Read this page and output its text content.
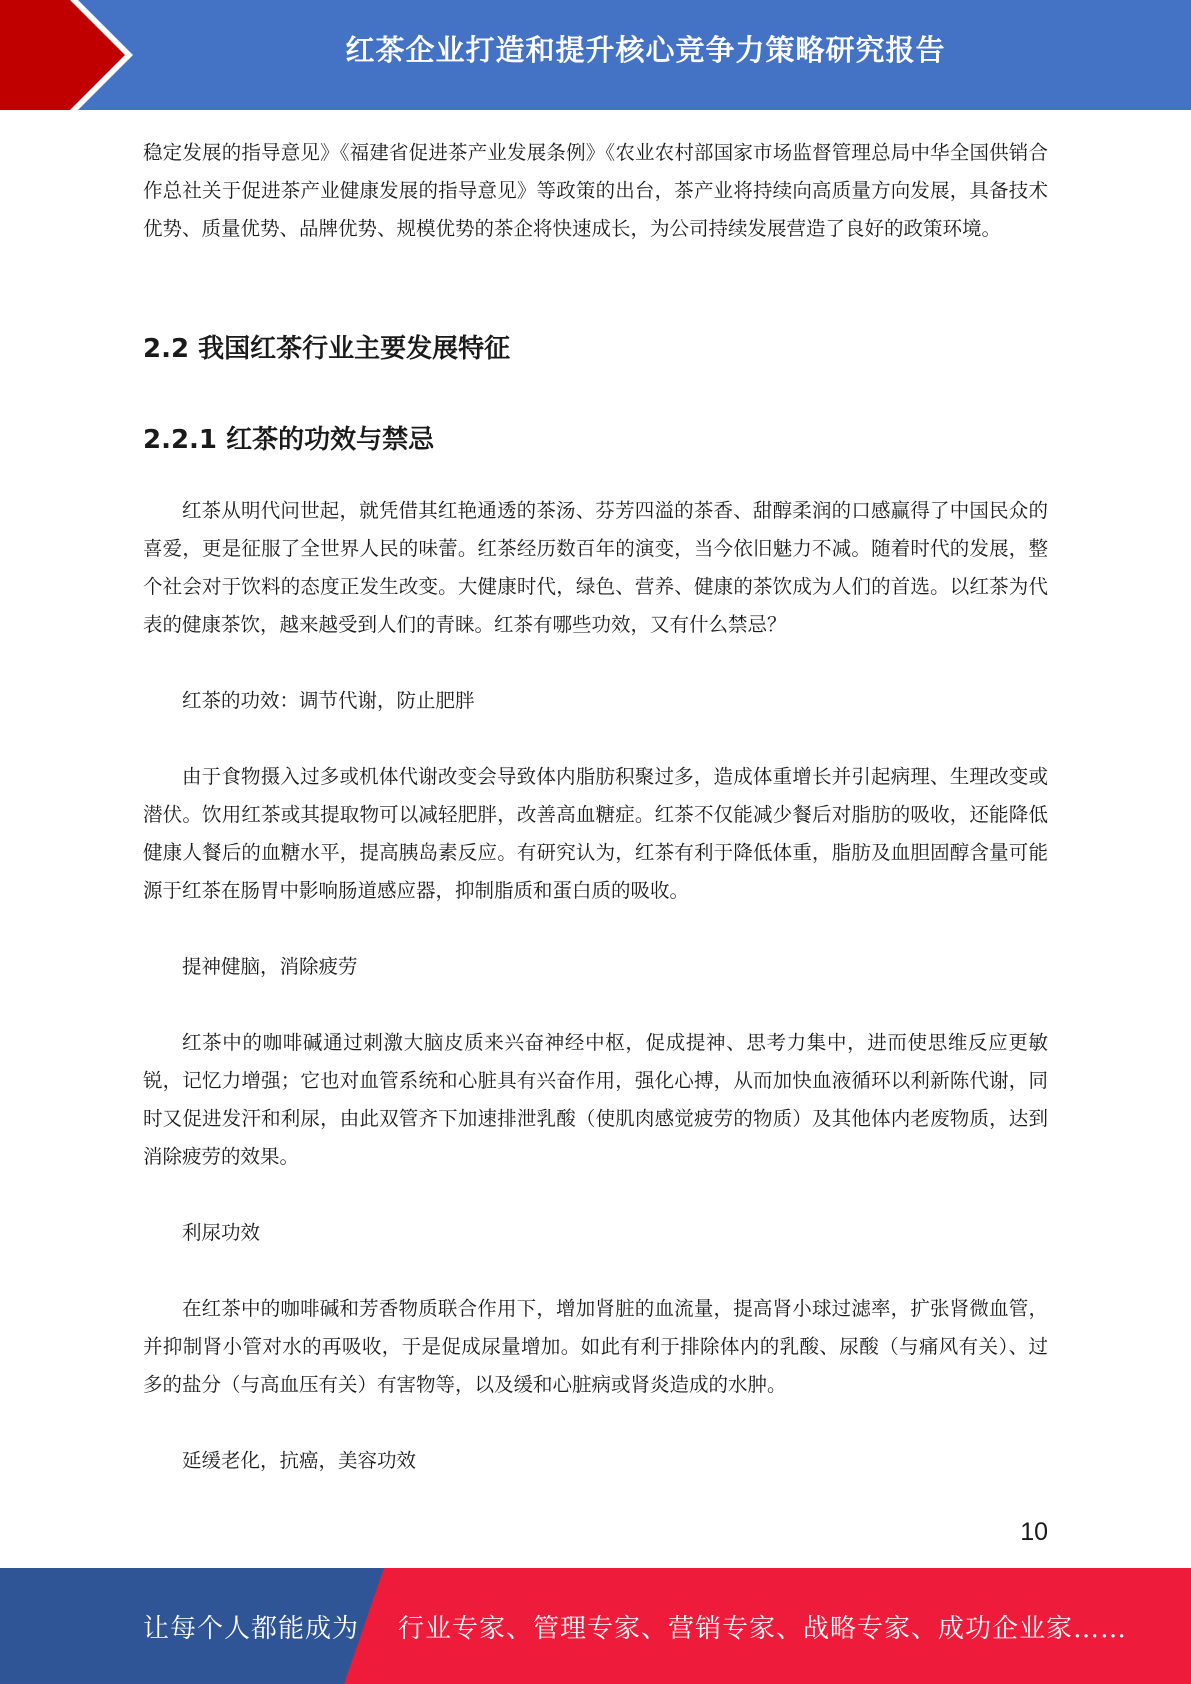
红茶企业打造和提升核心竞争力策略研究报告

稳定发展的指导意见》《福建省促进茶产业发展条例》《农业农村部国家市场监督管理总局中华全国供销合作总社关于促进茶产业健康发展的指导意见》等政策的出台，茶产业将持续向高质量方向发展，具备技术优势、质量优势、品牌优势、规模优势的茶企将快速成长，为公司持续发展营造了良好的政策环境。

2.2 我国红茶行业主要发展特征
2.2.1 红茶的功效与禁忌

红茶从明代问世起，就凭借其红艳通透的茶汤、芬芳四溢的茶香、甜醇柔润的口感赢得了中国民众的喜爱，更是征服了全世界人民的味蕾。红茶经历数百年的演变，当今依旧魅力不减。随着时代的发展，整个社会对于饮料的态度正发生改变。大健康时代，绿色、营养、健康的茶饮成为人们的首选。以红茶为代表的健康茶饮，越来越受到人们的青睐。红茶有哪些功效，又有什么禁忌？

红茶的功效：调节代谢，防止肥胖

由于食物摄入过多或机体代谢改变会导致体内脂肪积聚过多，造成体重增长并引起病理、生理改变或潜伏。饮用红茶或其提取物可以减轻肥胖，改善高血糖症。红茶不仅能减少餐后对脂肪的吸收，还能降低健康人餐后的血糖水平，提高胰岛素反应。有研究认为，红茶有利于降低体重，脂肪及血胆固醇含量可能源于红茶在肠胃中影响肠道感应器，抑制脂质和蛋白质的吸收。

提神健脑，消除疲劳

红茶中的咖啡碱通过刺激大脑皮质来兴奋神经中枢，促成提神、思考力集中，进而使思维反应更敏锐，记忆力增强；它也对血管系统和心脏具有兴奋作用，强化心搏，从而加快血液循环以利新陈代谢，同时又促进发汗和利尿，由此双管齐下加速排泄乳酸（使肌肉感觉疲劳的物质）及其他体内老废物质，达到消除疲劳的效果。

利尿功效

在红茶中的咖啡碱和芳香物质联合作用下，增加肾脏的血流量，提高肾小球过滤率，扩张肾微血管，并抑制肾小管对水的再吸收，于是促成尿量增加。如此有利于排除体内的乳酸、尿酸（与痛风有关）、过多的盐分（与高血压有关）有害物等，以及缓和心脏病或肾炎造成的水肿。

延缓老化，抗癌，美容功效

10
让每个人都能成为 行业专家、管理专家、营销专家、战略专家、成功企业家……
